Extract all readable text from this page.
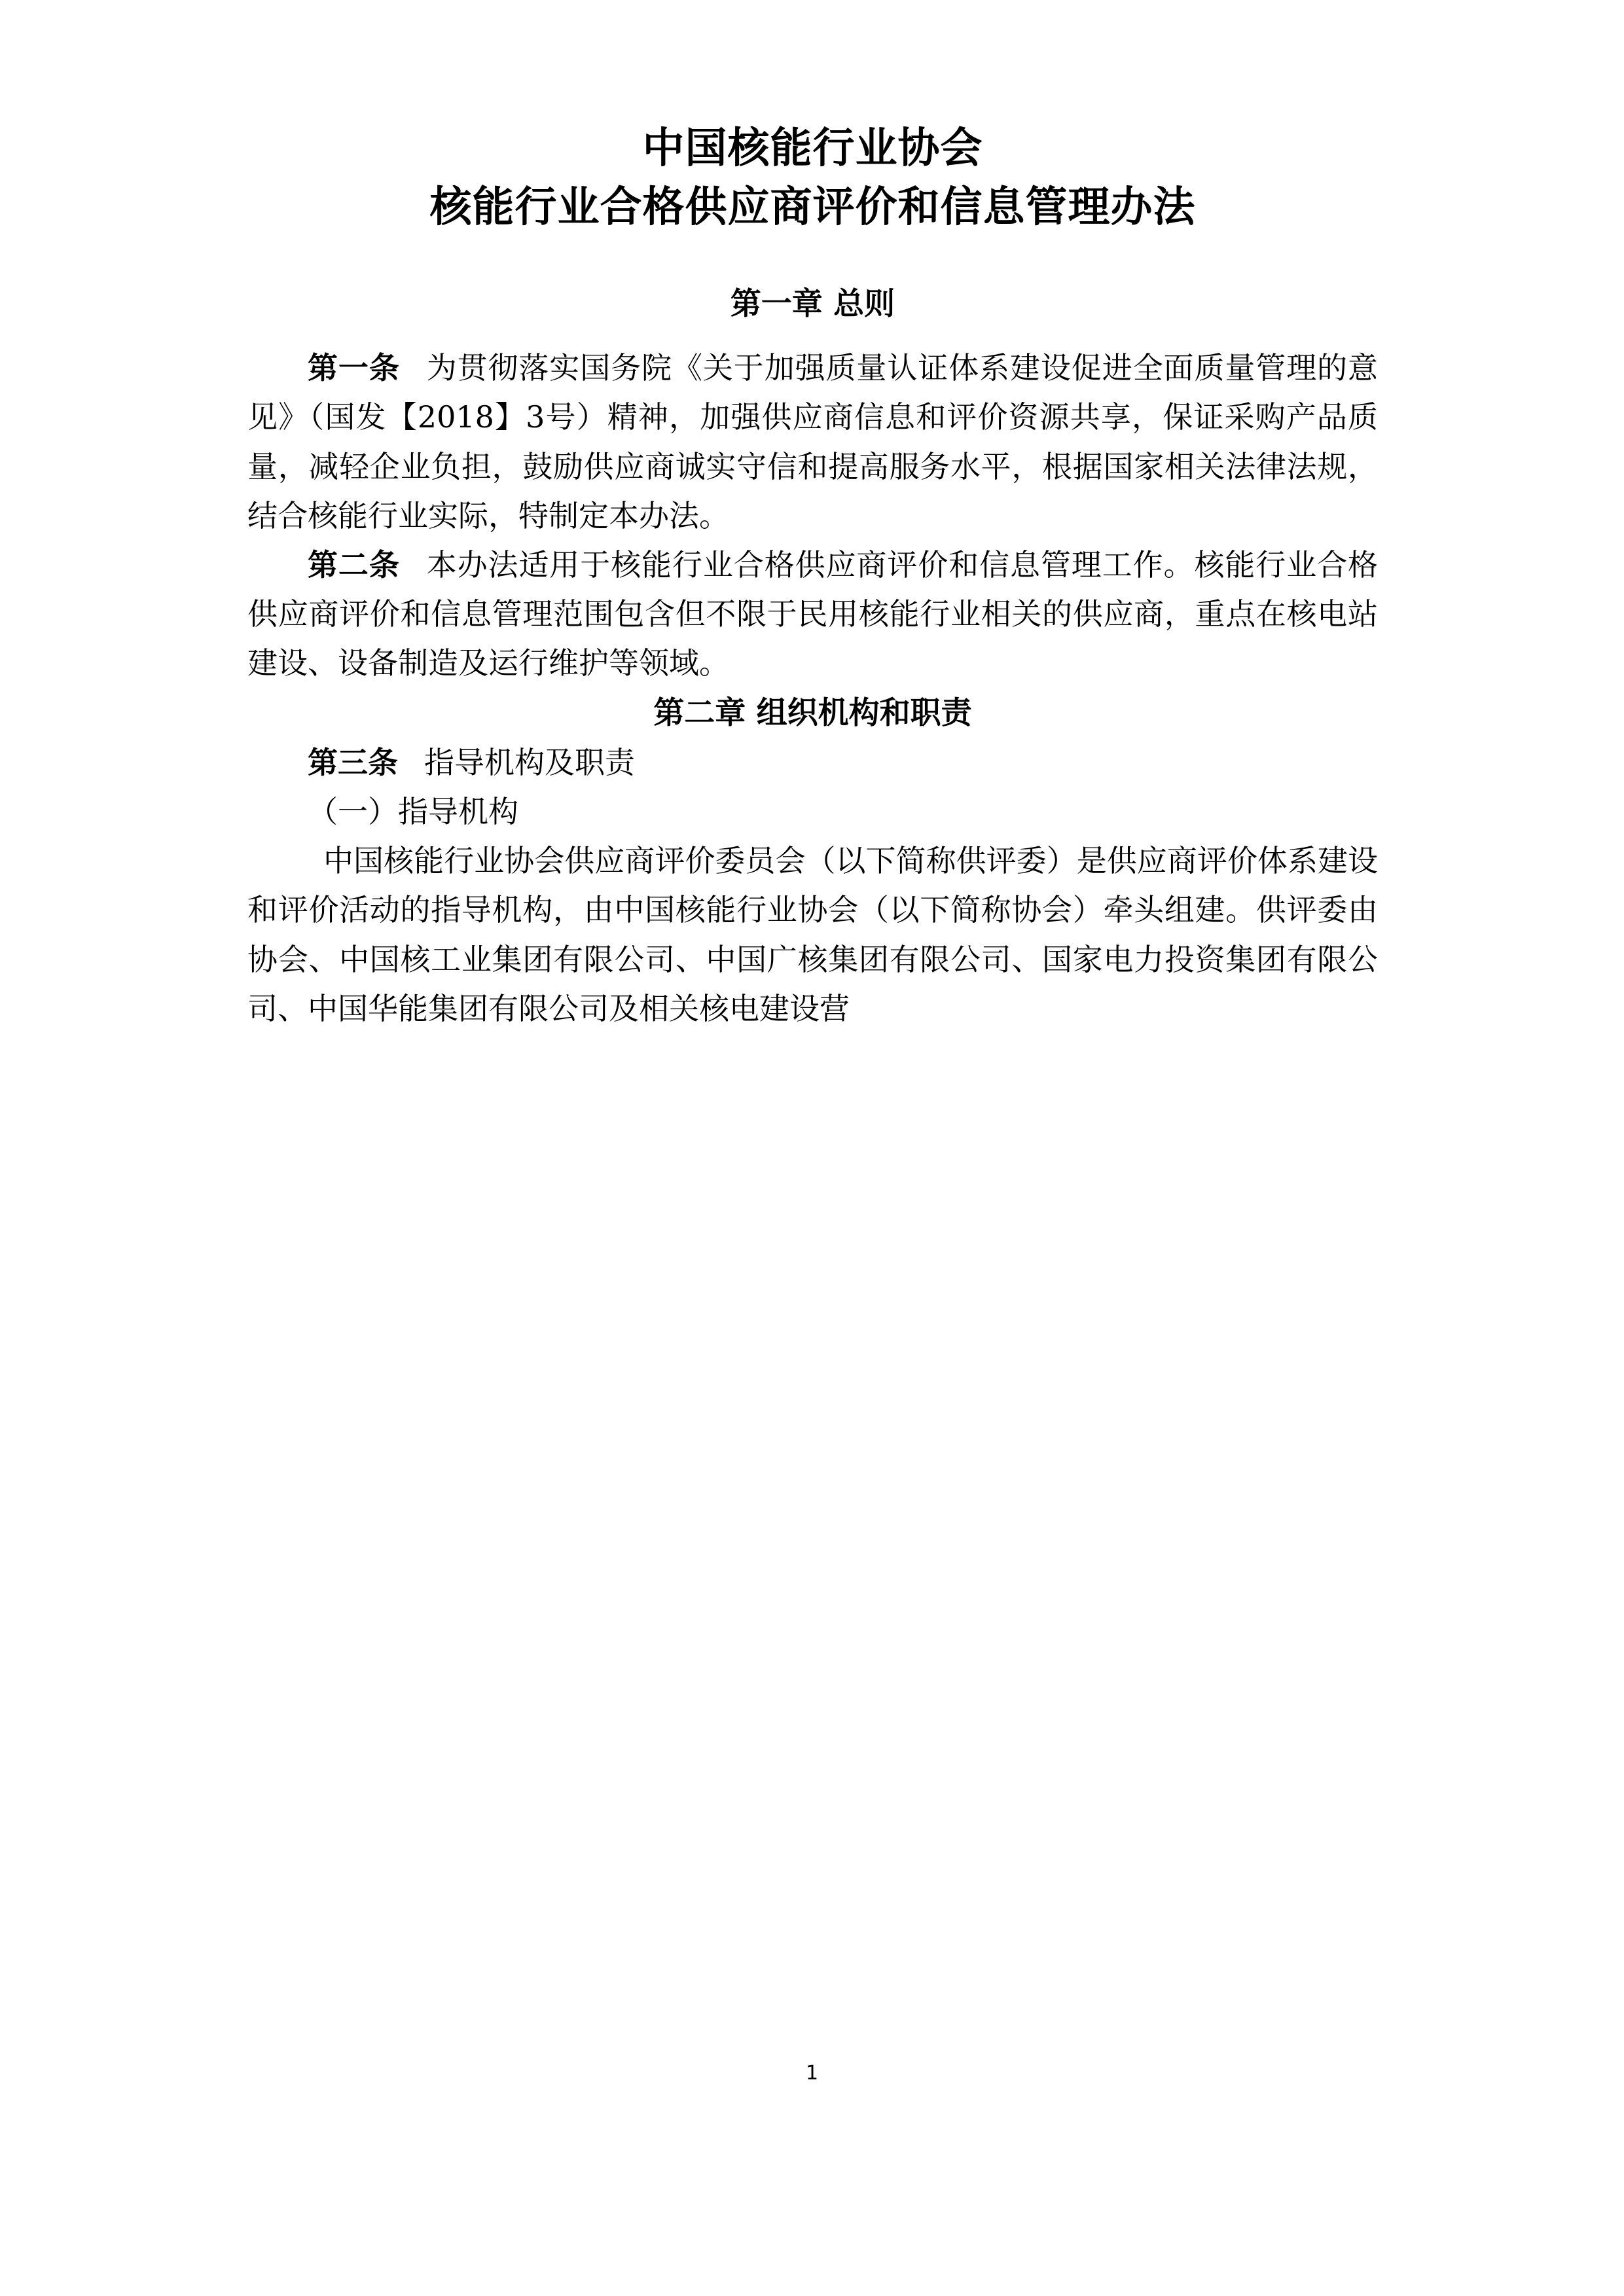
中国核能行业协会
核能行业合格供应商评价和信息管理办法
第一章 总则

第一条 为贯彻落实国务院《关于加强质量认证体系建设促进全面质量管理的意见》（国发【2018】3号）精神，加强供应商信息和评价资源共享，保证采购产品质量，减轻企业负担，鼓励供应商诚实守信和提高服务水平，根据国家相关法律法规，结合核能行业实际，特制定本办法。

第二条 本办法适用于核能行业合格供应商评价和信息管理工作。核能行业合格供应商评价和信息管理范围包含但不限于民用核能行业相关的供应商，重点在核电站建设、设备制造及运行维护等领域。

第二章 组织机构和职责

第三条 指导机构及职责

（一）指导机构

中国核能行业协会供应商评价委员会（以下简称供评委）是供应商评价体系建设和评价活动的指导机构，由中国核能行业协会（以下简称协会）牵头组建。供评委由协会、中国核工业集团有限公司、中国广核集团有限公司、国家电力投资集团有限公司、中国华能集团有限公司及相关核电建设营

1
